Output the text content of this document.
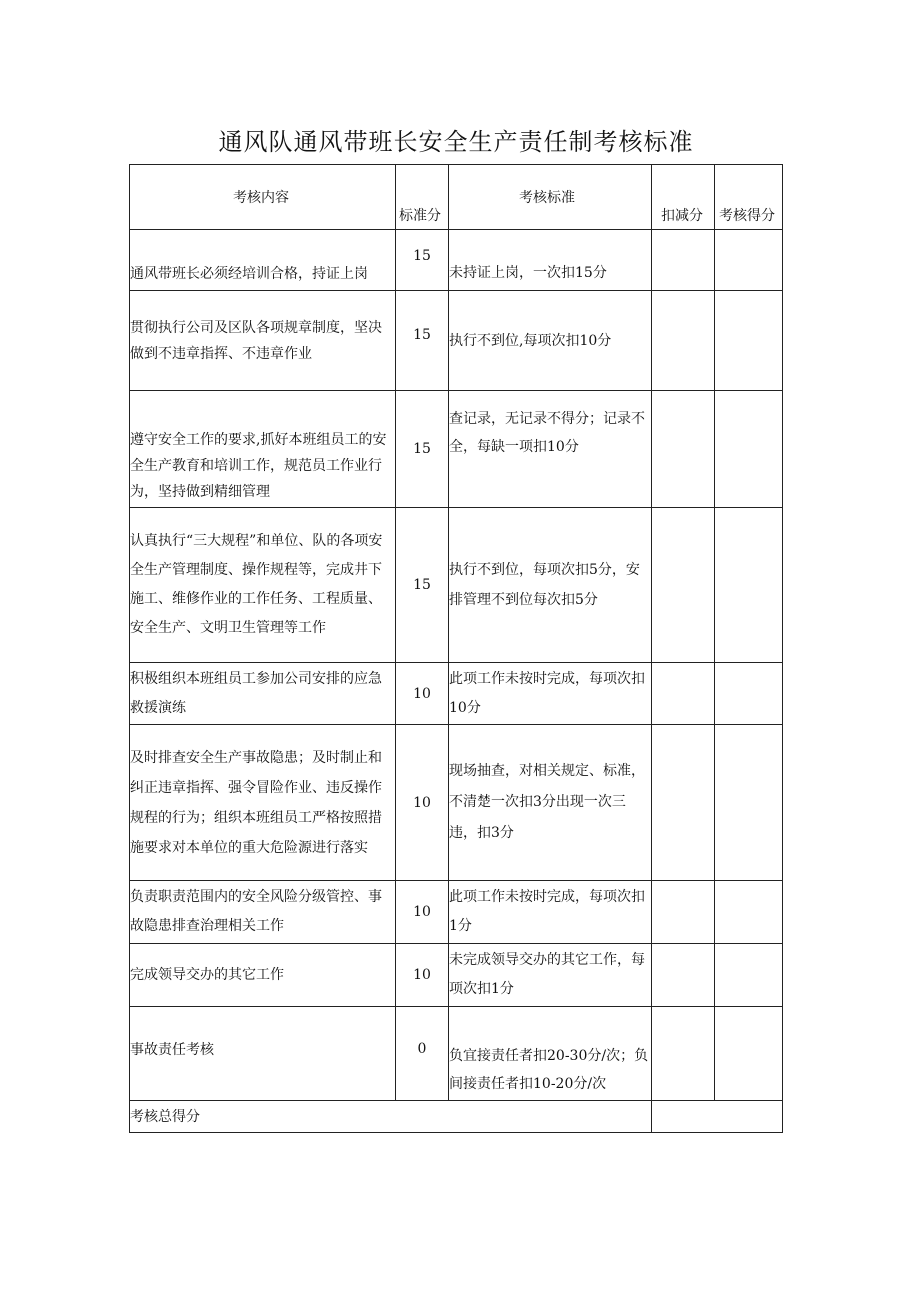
通风队通风带班长安全生产责任制考核标准
考核内容	标准分	考核标准	扣减分	考核得分

通风带班长必须经培训合格，持证上岗	15	未持证上岗，一次扣15分		
贯彻执行公司及区队各项规章制度，坚决做到不违章指挥、不违章作业	15	执行不到位,每项次扣10分		
遵守安全工作的要求,抓好本班组员工的安全生产教育和培训工作，规范员工作业行为，坚持做到精细管理	15	查记录，无记录不得分；记录不全，每缺一项扣10分		
认真执行“三大规程”和单位、队的各项安全生产管理制度、操作规程等，完成井下施工、维修作业的工作任务、工程质量、安全生产、文明卫生管理等工作	15	执行不到位，每项次扣5分，安排管理不到位每次扣5分		
积极组织本班组员工参加公司安排的应急救援演练	10	此项工作未按时完成，每项次扣10分		
及时排查安全生产事故隐患；及时制止和纠正违章指挥、强令冒险作业、违反操作规程的行为；组织本班组员工严格按照措施要求对本单位的重大危险源进行落实	10	现场抽查，对相关规定、标准，不清楚一次扣3分出现一次三违，扣3分		
负责职责范围内的安全风险分级管控、事故隐患排查治理相关工作	10	此项工作未按时完成，每项次扣1分		
完成领导交办的其它工作	10	未完成领导交办的其它工作，每项次扣1分		
事故责任考核	0	负宜接责任者扣20-30分/次；负间接责任者扣10-20分/次		
考核总得分				
